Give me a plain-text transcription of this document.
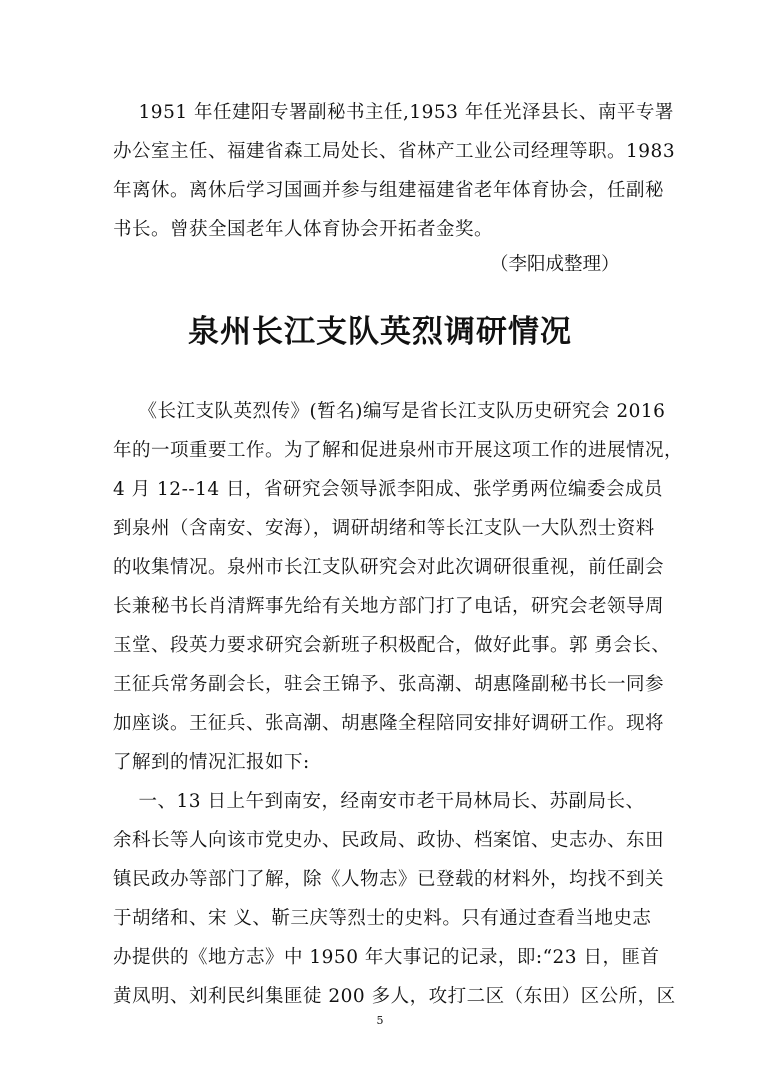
1951 年任建阳专署副秘书主任,1953 年任光泽县长、南平专署
办公室主任、福建省森工局处长、省林产工业公司经理等职。1983
年离休。离休后学习国画并参与组建福建省老年体育协会，任副秘
书长。曾获全国老年人体育协会开拓者金奖。
（李阳成整理）
泉州长江支队英烈调研情况
《长江支队英烈传》(暂名)编写是省长江支队历史研究会 2016
年的一项重要工作。为了解和促进泉州市开展这项工作的进展情况，
4 月 12--14 日，省研究会领导派李阳成、张学勇两位编委会成员
到泉州（含南安、安海），调研胡绪和等长江支队一大队烈士资料
的收集情况。泉州市长江支队研究会对此次调研很重视，前任副会
长兼秘书长肖清辉事先给有关地方部门打了电话，研究会老领导周
玉堂、段英力要求研究会新班子积极配合，做好此事。郭 勇会长、
王征兵常务副会长，驻会王锦予、张高潮、胡惠隆副秘书长一同参
加座谈。王征兵、张高潮、胡惠隆全程陪同安排好调研工作。现将
了解到的情况汇报如下:
一、13 日上午到南安，经南安市老干局林局长、苏副局长、
余科长等人向该市党史办、民政局、政协、档案馆、史志办、东田
镇民政办等部门了解，除《人物志》已登载的材料外，均找不到关
于胡绪和、宋 义、靳三庆等烈士的史料。只有通过查看当地史志
办提供的《地方志》中 1950 年大事记的记录，即:“23 日，匪首
黄凤明、刘利民纠集匪徒 200 多人，攻打二区（东田）区公所，区
5
